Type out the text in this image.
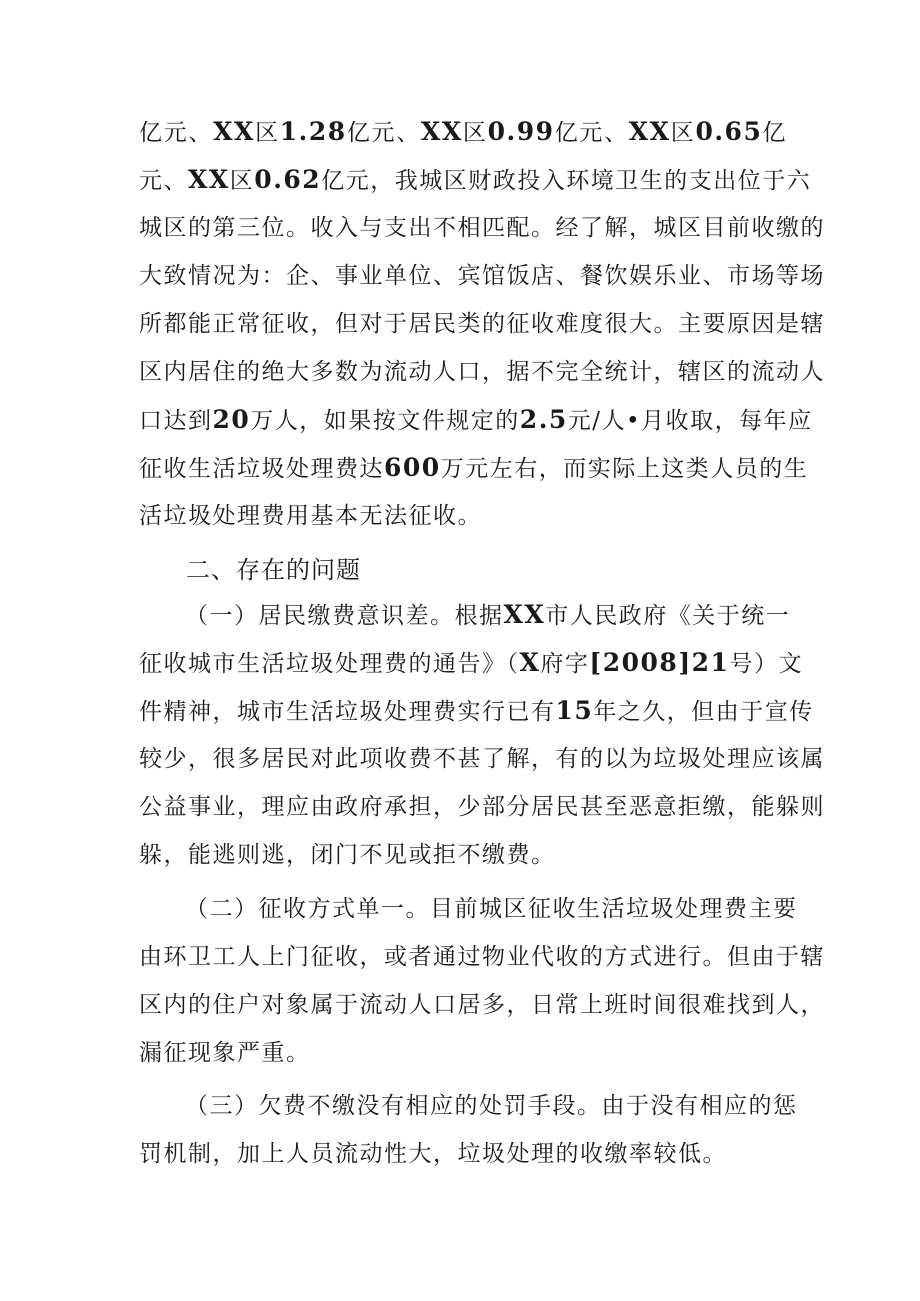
亿元、XX区1.28亿元、XX区0.99亿元、XX区0.65亿
元、XX区0.62亿元，我城区财政投入环境卫生的支出位于六
城区的第三位。收入与支出不相匹配。经了解，城区目前收缴的
大致情况为：企、事业单位、宾馆饭店、餐饮娱乐业、市场等场
所都能正常征收，但对于居民类的征收难度很大。主要原因是辖
区内居住的绝大多数为流动人口，据不完全统计，辖区的流动人
口达到20万人，如果按文件规定的2.5元/人•月收取，每年应
征收生活垃圾处理费达600万元左右，而实际上这类人员的生
活垃圾处理费用基本无法征收。
二、存在的问题
（一）居民缴费意识差。根据XX市人民政府《关于统一
征收城市生活垃圾处理费的通告》（X府字[2008]21号）文
件精神，城市生活垃圾处理费实行已有15年之久，但由于宣传
较少，很多居民对此项收费不甚了解，有的以为垃圾处理应该属
公益事业，理应由政府承担，少部分居民甚至恶意拒缴，能躲则
躲，能逃则逃，闭门不见或拒不缴费。
（二）征收方式单一。目前城区征收生活垃圾处理费主要
由环卫工人上门征收，或者通过物业代收的方式进行。但由于辖
区内的住户对象属于流动人口居多，日常上班时间很难找到人，
漏征现象严重。
（三）欠费不缴没有相应的处罚手段。由于没有相应的惩
罚机制，加上人员流动性大，垃圾处理的收缴率较低。
